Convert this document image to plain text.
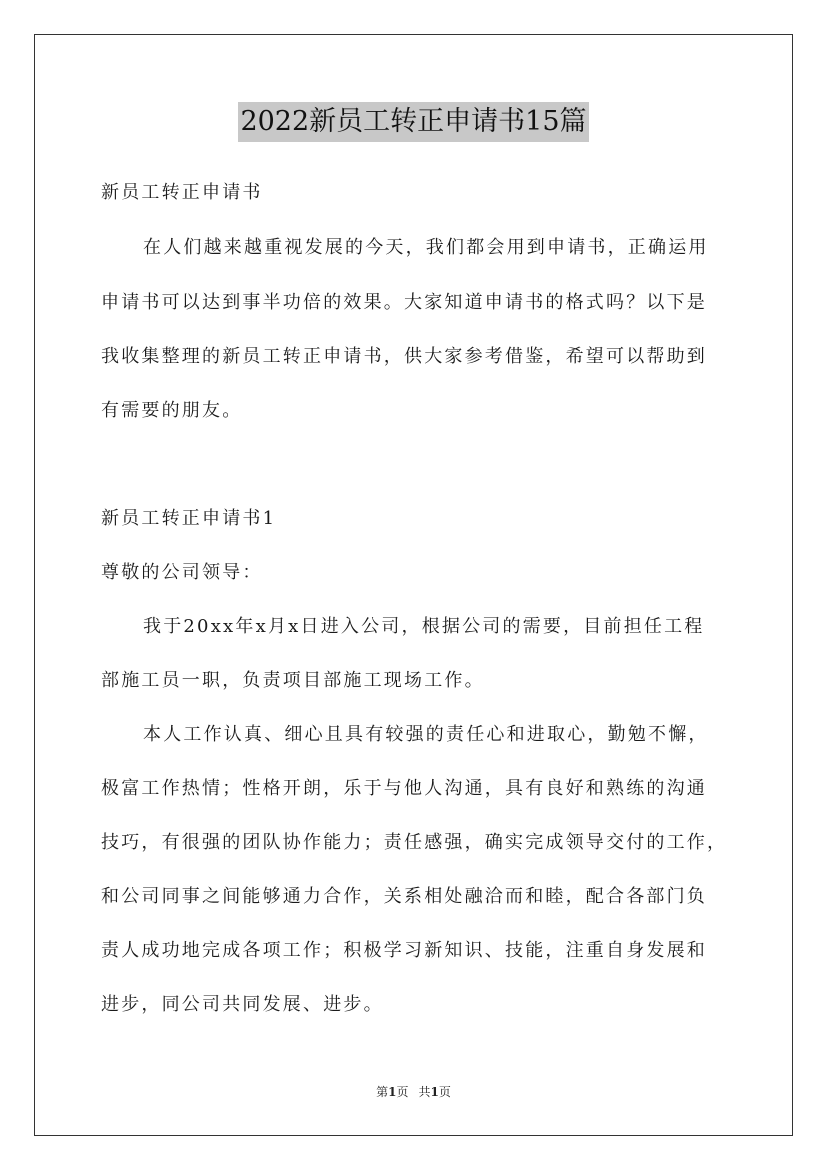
2022新员工转正申请书15篇
新员工转正申请书
在人们越来越重视发展的今天，我们都会用到申请书，正确运用
申请书可以达到事半功倍的效果。大家知道申请书的格式吗？以下是
我收集整理的新员工转正申请书，供大家参考借鉴，希望可以帮助到
有需要的朋友。
新员工转正申请书1
尊敬的公司领导：
我于20xx年x月x日进入公司，根据公司的需要，目前担任工程
部施工员一职，负责项目部施工现场工作。
本人工作认真、细心且具有较强的责任心和进取心，勤勉不懈，
极富工作热情；性格开朗，乐于与他人沟通，具有良好和熟练的沟通
技巧，有很强的团队协作能力；责任感强，确实完成领导交付的工作，
和公司同事之间能够通力合作，关系相处融洽而和睦，配合各部门负
责人成功地完成各项工作；积极学习新知识、技能，注重自身发展和
进步，同公司共同发展、进步。
第1页 共1页
